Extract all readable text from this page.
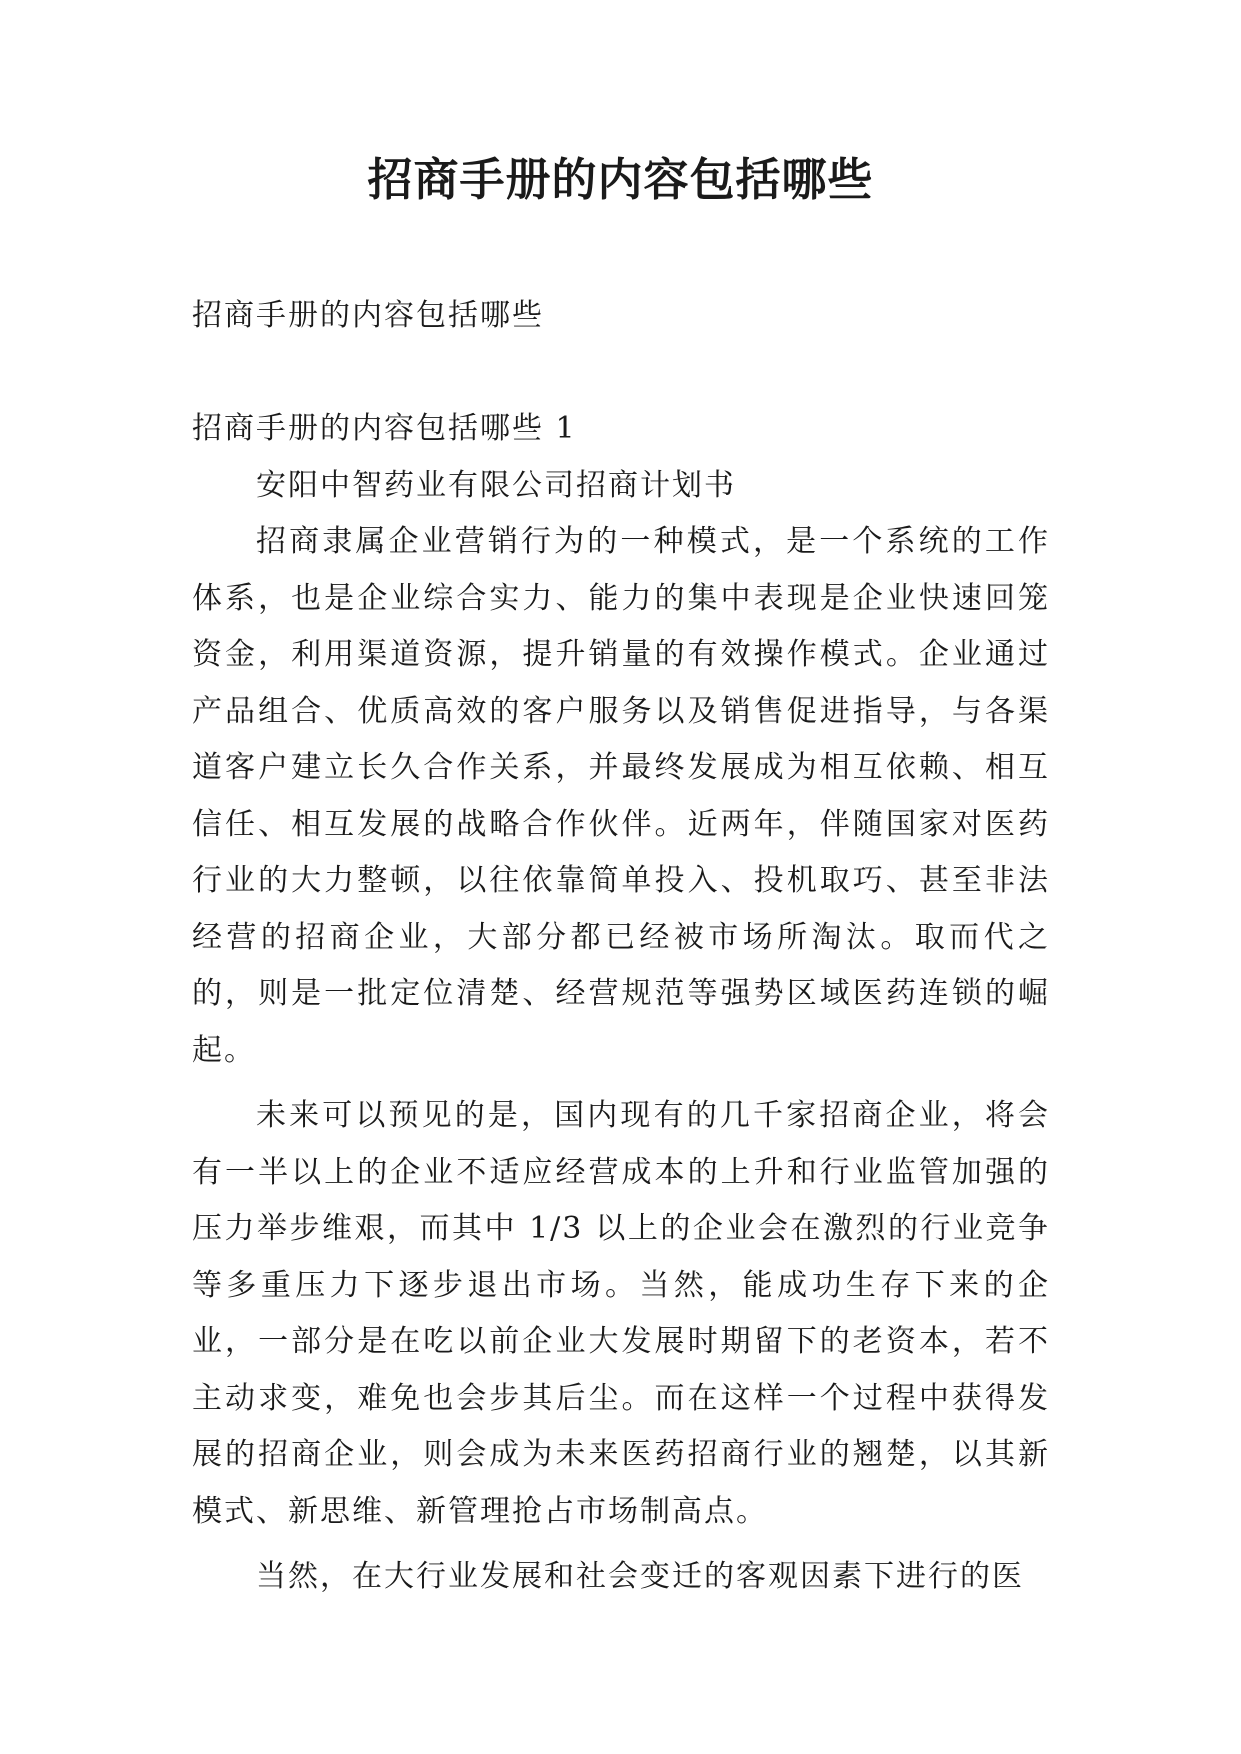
招商手册的内容包括哪些
招商手册的内容包括哪些
招商手册的内容包括哪些 1
安阳中智药业有限公司招商计划书
招商隶属企业营销行为的一种模式，是一个系统的工作体系，也是企业综合实力、能力的集中表现是企业快速回笼资金，利用渠道资源，提升销量的有效操作模式。企业通过产品组合、优质高效的客户服务以及销售促进指导，与各渠道客户建立长久合作关系，并最终发展成为相互依赖、相互信任、相互发展的战略合作伙伴。近两年，伴随国家对医药行业的大力整顿，以往依靠简单投入、投机取巧、甚至非法经营的招商企业，大部分都已经被市场所淘汰。取而代之的，则是一批定位清楚、经营规范等强势区域医药连锁的崛起。
未来可以预见的是，国内现有的几千家招商企业，将会有一半以上的企业不适应经营成本的上升和行业监管加强的压力举步维艰，而其中 1/3 以上的企业会在激烈的行业竞争等多重压力下逐步退出市场。当然，能成功生存下来的企业，一部分是在吃以前企业大发展时期留下的老资本，若不主动求变，难免也会步其后尘。而在这样一个过程中获得发展的招商企业，则会成为未来医药招商行业的翘楚，以其新模式、新思维、新管理抢占市场制高点。
当然，在大行业发展和社会变迁的客观因素下进行的医
